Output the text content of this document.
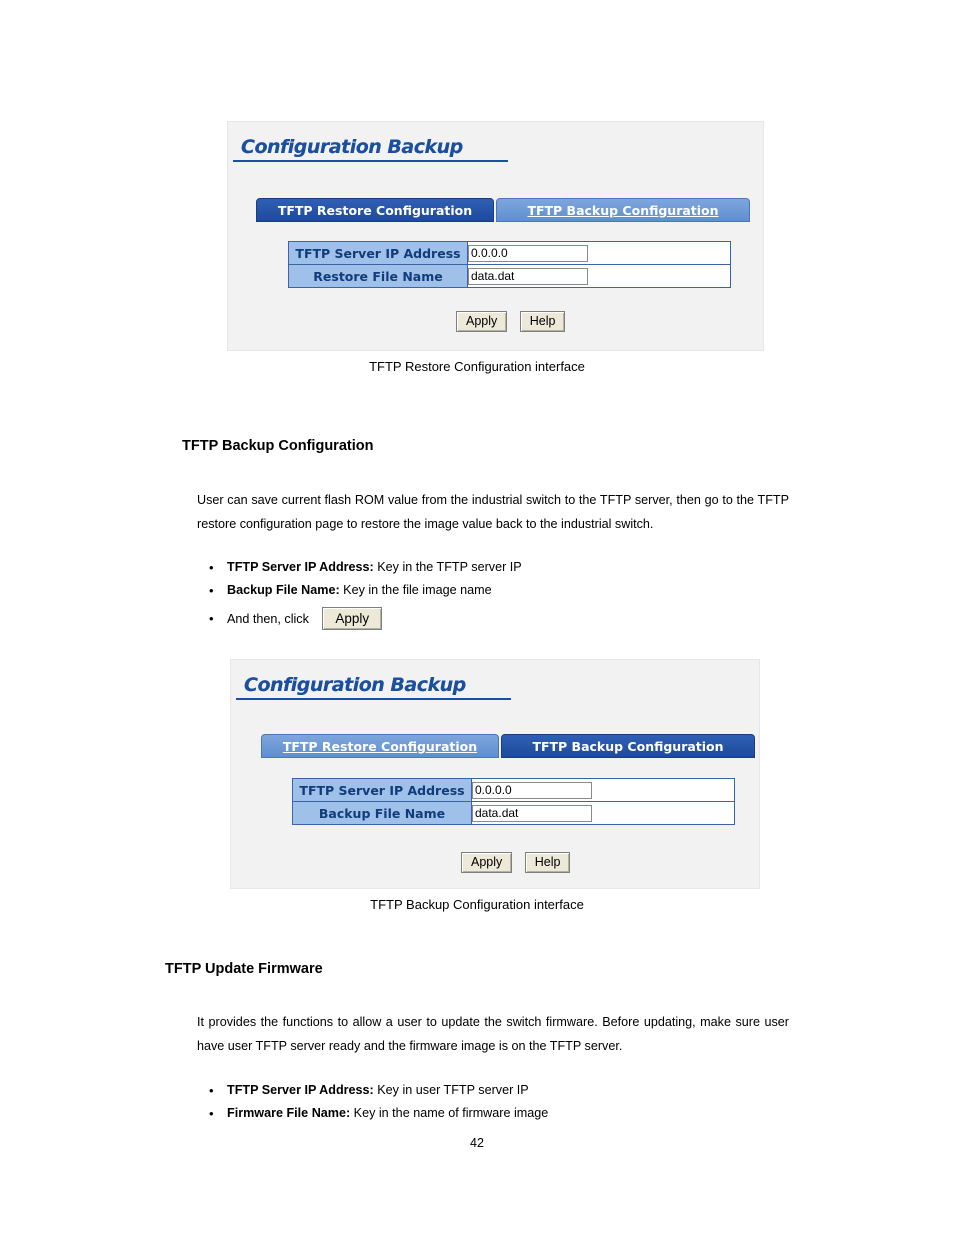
Configuration Backup
TFTP Restore Configuration	TFTP Backup Configuration
TFTP Server IP Address	0.0.0.0
Restore File Name	data.dat
Apply	Help
TFTP Restore Configuration interface
TFTP Backup Configuration
User can save current flash ROM value from the industrial switch to the TFTP server, then go to the TFTP restore configuration page to restore the image value back to the industrial switch.
• TFTP Server IP Address: Key in the TFTP server IP
• Backup File Name: Key in the file image name
• And then, click Apply
Configuration Backup
TFTP Restore Configuration	TFTP Backup Configuration
TFTP Server IP Address	0.0.0.0
Backup File Name	data.dat
Apply	Help
TFTP Backup Configuration interface
TFTP Update Firmware
It provides the functions to allow a user to update the switch firmware. Before updating, make sure user have user TFTP server ready and the firmware image is on the TFTP server.
• TFTP Server IP Address: Key in user TFTP server IP
• Firmware File Name: Key in the name of firmware image
42
